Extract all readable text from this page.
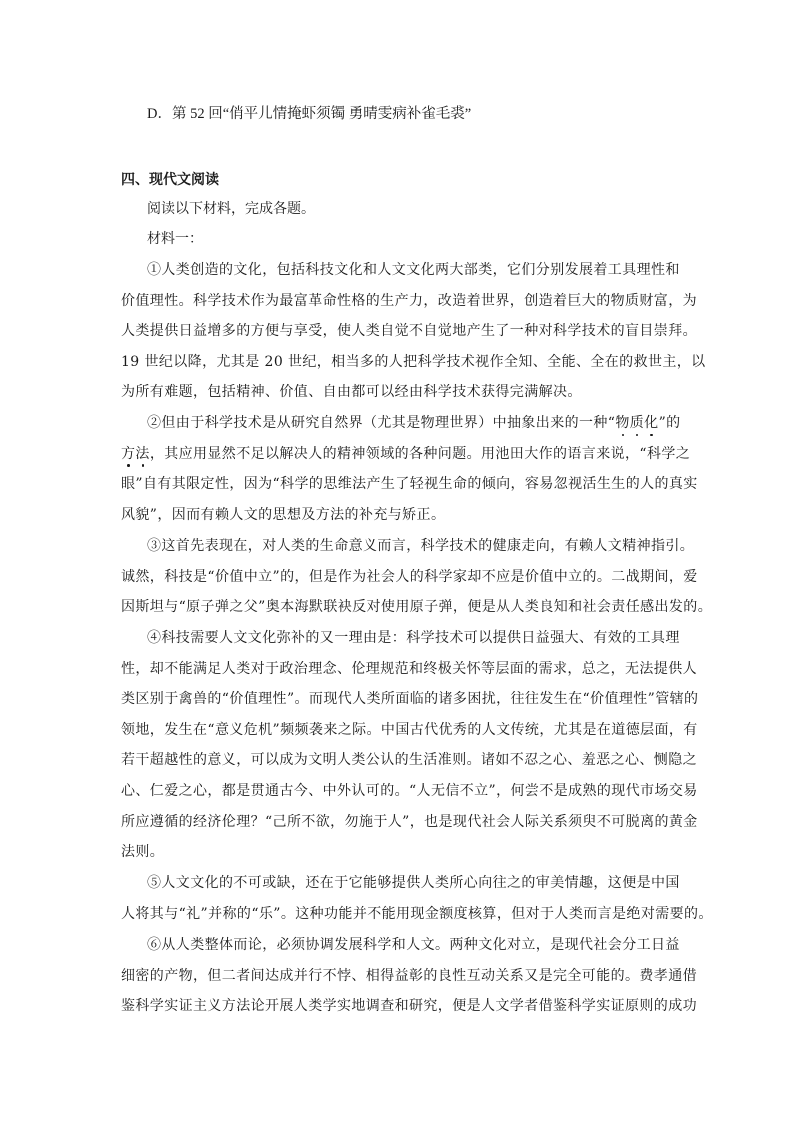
D．第 52 回“俏平儿情掩虾须镯 勇晴雯病补雀毛裘”
四、现代文阅读
阅读以下材料，完成各题。
材料一：
①人类创造的文化，包括科技文化和人文文化两大部类，它们分别发展着工具理性和
价值理性。科学技术作为最富革命性格的生产力，改造着世界，创造着巨大的物质财富，为
人类提供日益增多的方便与享受，使人类自觉不自觉地产生了一种对科学技术的盲目崇拜。
19 世纪以降，尤其是 20 世纪，相当多的人把科学技术视作全知、全能、全在的救世主，以
为所有难题，包括精神、价值、自由都可以经由科学技术获得完满解决。
②但由于科学技术是从研究自然界（尤其是物理世界）中抽象出来的一种“物质化”的
方法，其应用显然不足以解决人的精神领域的各种问题。用池田大作的语言来说，“科学之
眼”自有其限定性，因为“科学的思维法产生了轻视生命的倾向，容易忽视活生生的人的真实
风貌”，因而有赖人文的思想及方法的补充与矫正。
③这首先表现在，对人类的生命意义而言，科学技术的健康走向，有赖人文精神指引。
诚然，科技是“价值中立”的，但是作为社会人的科学家却不应是价值中立的。二战期间，爱
因斯坦与“原子弹之父”奥本海默联袂反对使用原子弹，便是从人类良知和社会责任感出发的。
④科技需要人文文化弥补的又一理由是：科学技术可以提供日益强大、有效的工具理
性，却不能满足人类对于政治理念、伦理规范和终极关怀等层面的需求，总之，无法提供人
类区别于禽兽的“价值理性”。而现代人类所面临的诸多困扰，往往发生在“价值理性”管辖的
领地，发生在“意义危机”频频袭来之际。中国古代优秀的人文传统，尤其是在道德层面，有
若干超越性的意义，可以成为文明人类公认的生活准则。诸如不忍之心、羞恶之心、恻隐之
心、仁爱之心，都是贯通古今、中外认可的。“人无信不立”，何尝不是成熟的现代市场交易
所应遵循的经济伦理？“己所不欲，勿施于人”，也是现代社会人际关系须臾不可脱离的黄金
法则。
⑤人文文化的不可或缺，还在于它能够提供人类所心向往之的审美情趣，这便是中国
人将其与“礼”并称的“乐”。这种功能并不能用现金额度核算，但对于人类而言是绝对需要的。
⑥从人类整体而论，必须协调发展科学和人文。两种文化对立，是现代社会分工日益
细密的产物，但二者间达成并行不悖、相得益彰的良性互动关系又是完全可能的。费孝通借
鉴科学实证主义方法论开展人类学实地调查和研究，便是人文学者借鉴科学实证原则的成功
